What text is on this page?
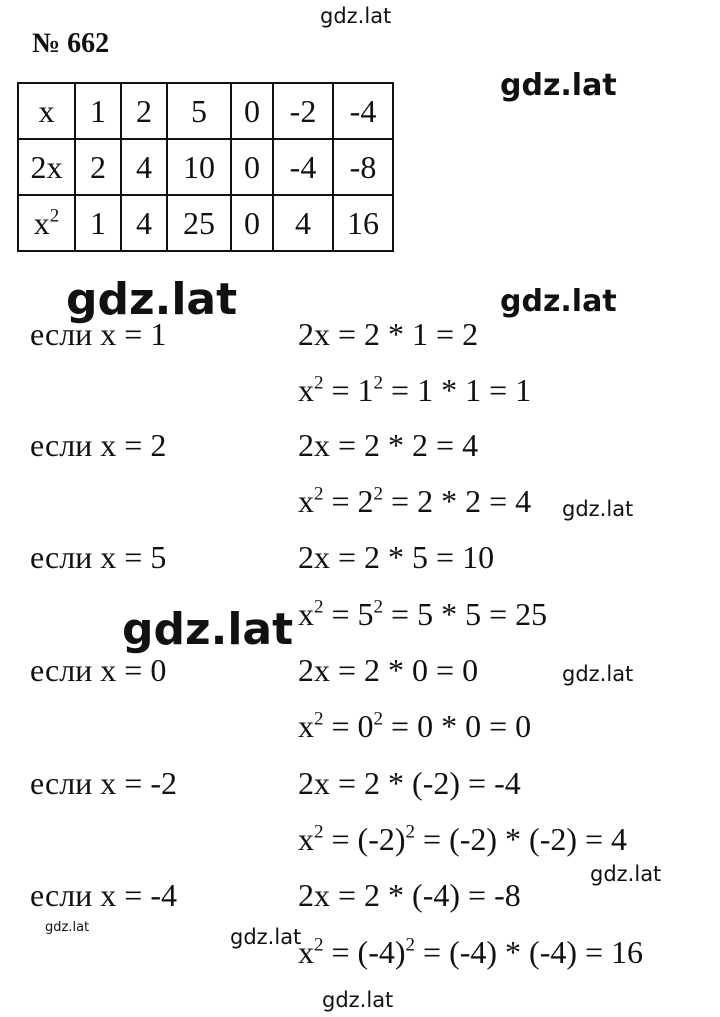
№ 662
x	1	2	5	0	-2	-4
2x	2	4	10	0	-4	-8
$x^2$	1	4	25	0	4	16
если x = 1
если x = 2
если x = 5
если x = 0
если x = -2
если x = -4
2x = 2 * 1 = 2
2x = 2 * 2 = 4
2x = 2 * 5 = 10
2x = 2 * 0 = 0
2x = 2 * (-2) = -4
2x = 2 * (-4) = -8
$x^2 = 1^2 = 1 * 1 = 1$
$x^2 = 2^2 = 2 * 2 = 4$
$x^2 = 5^2 = 5 * 5 = 25$
$x^2 = 0^2 = 0 * 0 = 0$
$x^2 = (-2)^2 = (-2) * (-2) = 4$
$x^2 = (-4)^2 = (-4) * (-4) = 16$
gdz.lat
gdz.lat
gdz.lat	gdz.lat
gdz.lat
gdz.lat
gdz.lat
gdz.lat
gdz.lat	gdz.lat
gdz.lat
